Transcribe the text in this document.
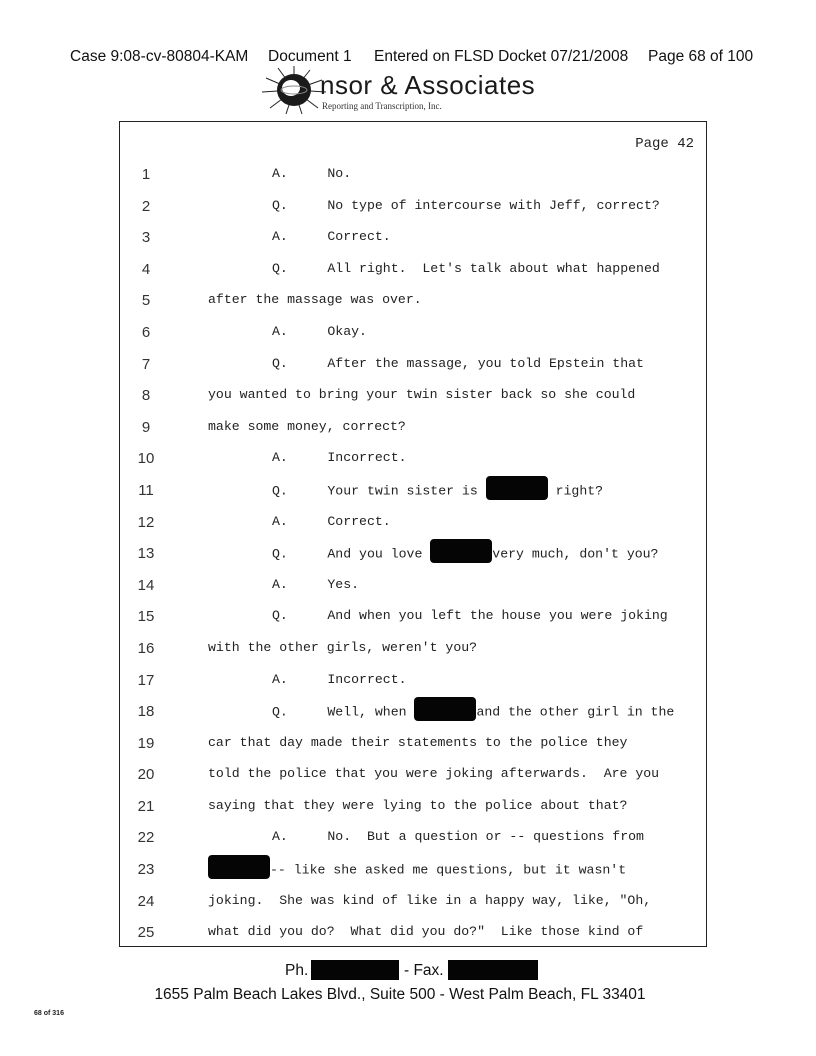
Case 9:08-cv-80804-KAM Document 1 Entered on FLSD Docket 07/21/2008 Page 68 of 100
nsor & Associates
Reporting and Transcription, Inc.
Page 42
1	A.     No.
2	Q.     No type of intercourse with Jeff, correct?
3	A.     Correct.
4	Q.     All right.  Let's talk about what happened
5	after the massage was over.
6	A.     Okay.
7	Q.     After the massage, you told Epstein that
8	you wanted to bring your twin sister back so she could
9	make some money, correct?
10	A.     Incorrect.
11	Q.     Your twin sister is	right?
12	A.     Correct.
13	Q.     And you love	very much, don't you?
14	A.     Yes.
15	Q.     And when you left the house you were joking
16	with the other girls, weren't you?
17	A.     Incorrect.
18	Q.     Well, when	and the other girl in the
19	car that day made their statements to the police they
20	told the police that you were joking afterwards.  Are you
21	saying that they were lying to the police about that?
22	A.     No.  But a question or -- questions from
23	-- like she asked me questions, but it wasn't
24	joking.  She was kind of like in a happy way, like, "Oh,
25	what did you do?  What did you do?"  Like those kind of
Ph.	- Fax.
1655 Palm Beach Lakes Blvd., Suite 500 - West Palm Beach, FL 33401
68 of 316
